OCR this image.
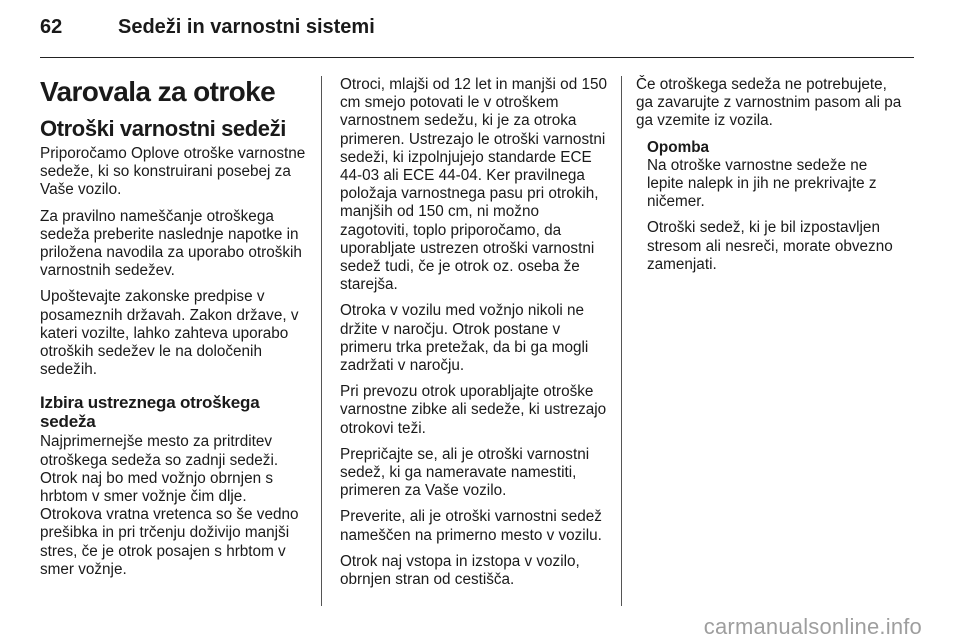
62	Sedeži in varnostni sistemi
Varovala za otroke
Otroški varnostni sedeži

Priporočamo Oplove otroške varnostne sedeže, ki so konstruirani posebej za Vaše vozilo.

Za pravilno nameščanje otroškega sedeža preberite naslednje napotke in priložena navodila za uporabo otroških varnostnih sedežev.

Upoštevajte zakonske predpise v posameznih državah. Zakon države, v kateri vozilte, lahko zahteva uporabo otroških sedežev le na določenih sedežih.

Izbira ustreznega otroškega sedeža

Najprimernejše mesto za pritrditev otroškega sedeža so zadnji sedeži. Otrok naj bo med vožnjo obrnjen s hrbtom v smer vožnje čim dlje. Otrokova vratna vretenca so še vedno prešibka in pri trčenju doživijo manjši stres, če je otrok posajen s hrbtom v smer vožnje.

Otroci, mlajši od 12 let in manjši od 150 cm smejo potovati le v otroškem varnostnem sedežu, ki je za otroka primeren. Ustrezajo le otroški varnostni sedeži, ki izpolnjujejo standarde ECE 44-03 ali ECE 44-04. Ker pravilnega položaja varnostnega pasu pri otrokih, manjših od 150 cm, ni možno zagotoviti, toplo priporočamo, da uporabljate ustrezen otroški varnostni sedež tudi, če je otrok oz. oseba že starejša.

Otroka v vozilu med vožnjo nikoli ne držite v naročju. Otrok postane v primeru trka pretežak, da bi ga mogli zadržati v naročju.

Pri prevozu otrok uporabljajte otroške varnostne zibke ali sedeže, ki ustrezajo otrokovi teži.

Prepričajte se, ali je otroški varnostni sedež, ki ga nameravate namestiti, primeren za Vaše vozilo.

Preverite, ali je otroški varnostni sedež nameščen na primerno mesto v vozilu.

Otrok naj vstopa in izstopa v vozilo, obrnjen stran od cestišča.

Če otroškega sedeža ne potrebujete, ga zavarujte z varnostnim pasom ali pa ga vzemite iz vozila.

Opomba

Na otroške varnostne sedeže ne lepite nalepk in jih ne prekrivajte z ničemer.

Otroški sedež, ki je bil izpostavljen stresom ali nesreči, morate obvezno zamenjati.

carmanualsonline.info
